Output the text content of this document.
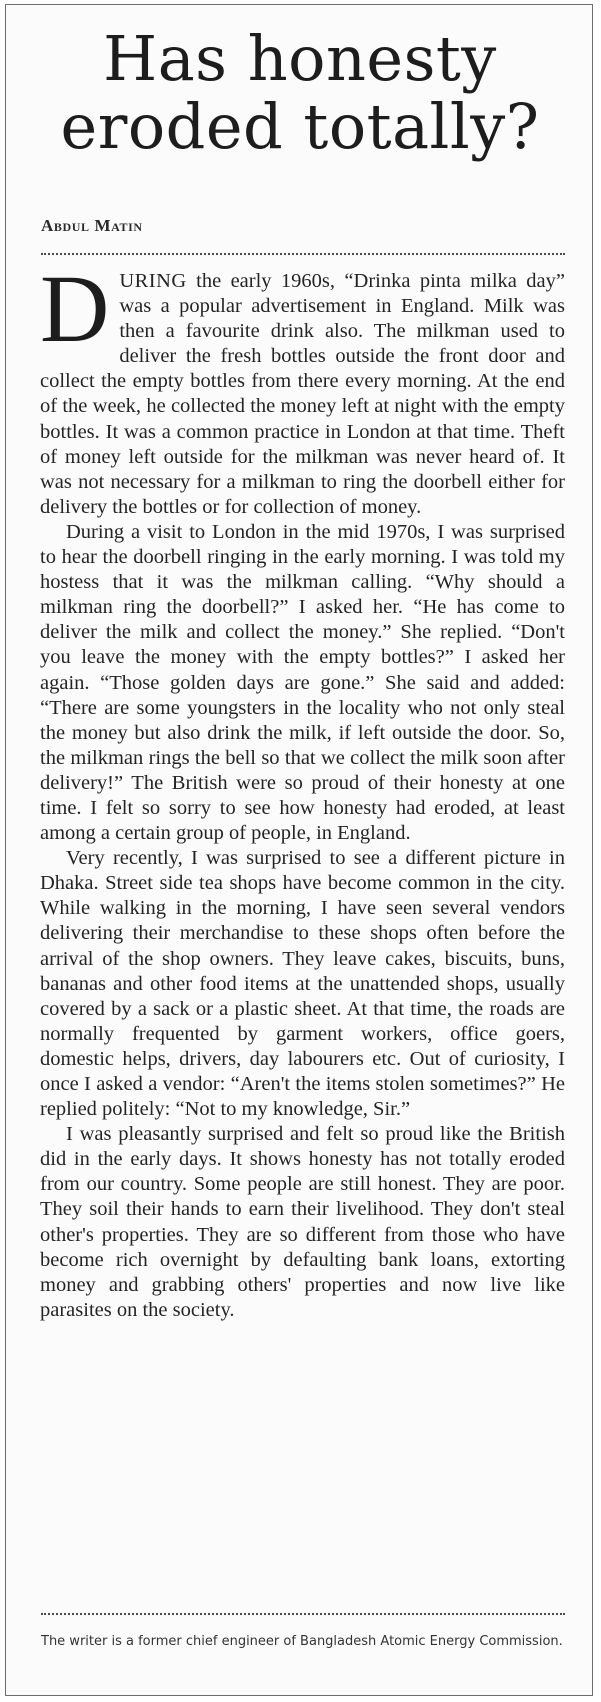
Has honesty eroded totally?
Abdul Matin

DURING the early 1960s, “Drinka pinta milka day” was a popular advertisement in England. Milk was then a favourite drink also. The milkman used to deliver the fresh bottles outside the front door and collect the empty bottles from there every morning. At the end of the week, he collected the money left at night with the empty bottles. It was a common practice in London at that time. Theft of money left outside for the milkman was never heard of. It was not necessary for a milkman to ring the doorbell either for delivery the bottles or for collection of money.

During a visit to London in the mid 1970s, I was surprised to hear the doorbell ringing in the early morning. I was told my hostess that it was the milkman calling. “Why should a milkman ring the doorbell?” I asked her. “He has come to deliver the milk and collect the money.” She replied. “Don't you leave the money with the empty bottles?” I asked her again. “Those golden days are gone.” She said and added: “There are some youngsters in the locality who not only steal the money but also drink the milk, if left outside the door. So, the milkman rings the bell so that we collect the milk soon after delivery!” The British were so proud of their honesty at one time. I felt so sorry to see how honesty had eroded, at least among a certain group of people, in England.

Very recently, I was surprised to see a different picture in Dhaka. Street side tea shops have become common in the city. While walking in the morning, I have seen several vendors delivering their merchandise to these shops often before the arrival of the shop owners. They leave cakes, biscuits, buns, bananas and other food items at the unattended shops, usually covered by a sack or a plastic sheet. At that time, the roads are normally frequented by garment workers, office goers, domestic helps, drivers, day labourers etc. Out of curiosity, I once I asked a vendor: “Aren't the items stolen sometimes?” He replied politely: “Not to my knowledge, Sir.”

I was pleasantly surprised and felt so proud like the British did in the early days. It shows honesty has not totally eroded from our country. Some people are still honest. They are poor. They soil their hands to earn their livelihood. They don't steal other's properties. They are so different from those who have become rich overnight by defaulting bank loans, extorting money and grabbing others' properties and now live like parasites on the society.

The writer is a former chief engineer of Bangladesh Atomic Energy Commission.
